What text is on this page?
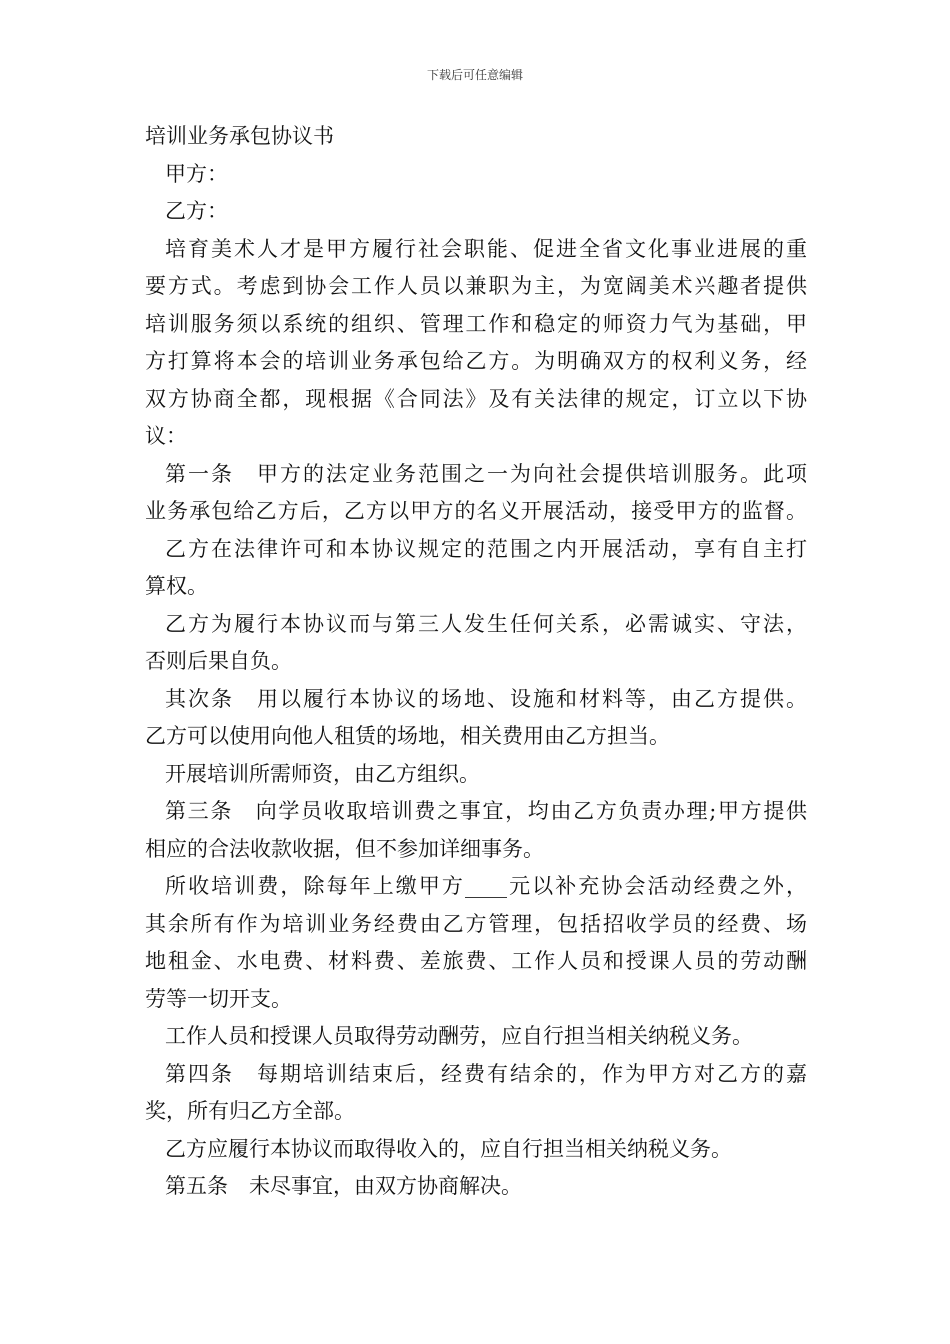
下载后可任意编辑
培训业务承包协议书
甲方：
乙方：
培育美术人才是甲方履行社会职能、促进全省文化事业进展的重
要方式。考虑到协会工作人员以兼职为主，为宽阔美术兴趣者提供
培训服务须以系统的组织、管理工作和稳定的师资力气为基础，甲
方打算将本会的培训业务承包给乙方。为明确双方的权利义务，经
双方协商全都，现根据《合同法》及有关法律的规定，订立以下协
议：
第一条　甲方的法定业务范围之一为向社会提供培训服务。此项
业务承包给乙方后，乙方以甲方的名义开展活动，接受甲方的监督。
乙方在法律许可和本协议规定的范围之内开展活动，享有自主打
算权。
乙方为履行本协议而与第三人发生任何关系，必需诚实、守法，
否则后果自负。
其次条　用以履行本协议的场地、设施和材料等，由乙方提供。
乙方可以使用向他人租赁的场地，相关费用由乙方担当。
开展培训所需师资，由乙方组织。
第三条　向学员收取培训费之事宜，均由乙方负责办理;甲方提供
相应的合法收款收据，但不参加详细事务。
所收培训费，除每年上缴甲方____元以补充协会活动经费之外，
其余所有作为培训业务经费由乙方管理，包括招收学员的经费、场
地租金、水电费、材料费、差旅费、工作人员和授课人员的劳动酬
劳等一切开支。
工作人员和授课人员取得劳动酬劳，应自行担当相关纳税义务。
第四条　每期培训结束后，经费有结余的，作为甲方对乙方的嘉
奖，所有归乙方全部。
乙方应履行本协议而取得收入的，应自行担当相关纳税义务。
第五条　未尽事宜，由双方协商解决。
